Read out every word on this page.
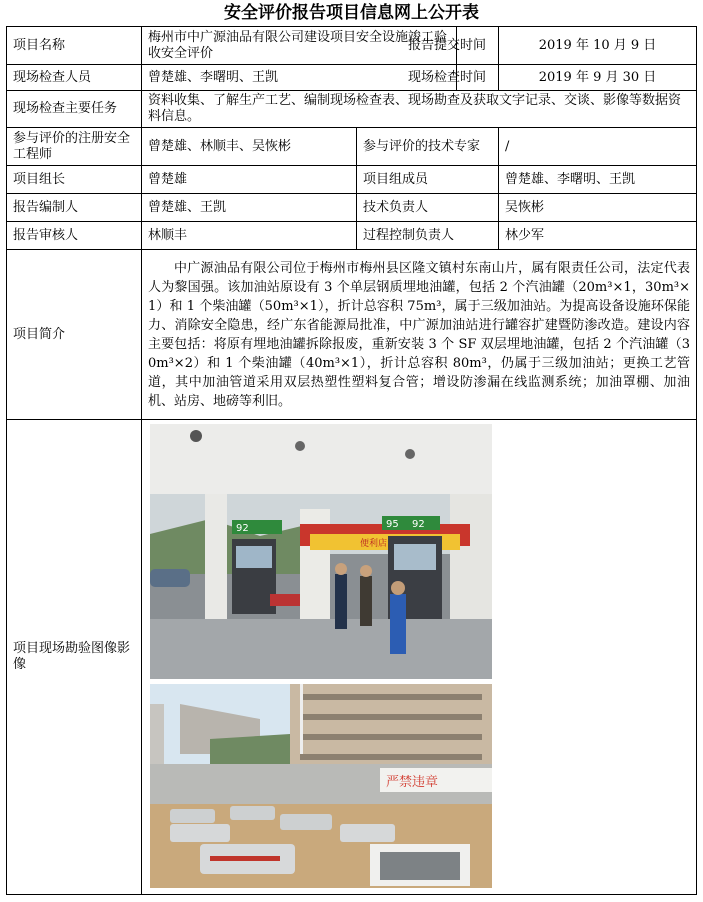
安全评价报告项目信息网上公开表
项目名称	梅州市中广源油品有限公司建设项目安全设施竣工验收安全评价		报告提交时间	2019 年 10 月 9 日
现场检查人员	曾楚雄、李曙明、王凯		现场检查时间	2019 年 9 月 30 日
现场检查主要任务	资料收集、了解生产工艺、编制现场检查表、现场勘查及获取文字记录、交谈、影像等数据资料信息。			
参与评价的注册安全工程师	曾楚雄、林顺丰、吴恢彬	参与评价的技术专家		/
项目组长	曾楚雄	项目组成员		曾楚雄、李曙明、王凯
报告编制人	曾楚雄、王凯	技术负责人		吴恢彬
报告审核人	林顺丰	过程控制负责人		林少军
项目简介	中广源油品有限公司位于梅州市梅州县区隆文镇村东南山片，属有限责任公司，法定代表人为黎国强。该加油站原设有 3 个单层钢质埋地油罐，包括 2 个汽油罐（20m³×1，30m³×1）和 1 个柴油罐（50m³×1），折计总容积 75m³，属于三级加油站。为提高设备设施环保能力、消除安全隐患，经广东省能源局批准，中广源加油站进行罐容扩建暨防渗改造。建设内容主要包括：将原有埋地油罐拆除报废，重新安装 3 个 SF 双层埋地油罐，包括 2 个汽油罐（30m³×2）和 1 个柴油罐（40m³×1），折计总容积 80m³，仍属于三级加油站；更换工艺管道，其中加油管道采用双层热塑性塑料复合管；增设防渗漏在线监测系统；加油罩棚、加油机、站房、地磅等利旧。			
项目现场勘验图像影像	便利店
92 95 92
严禁违章			
